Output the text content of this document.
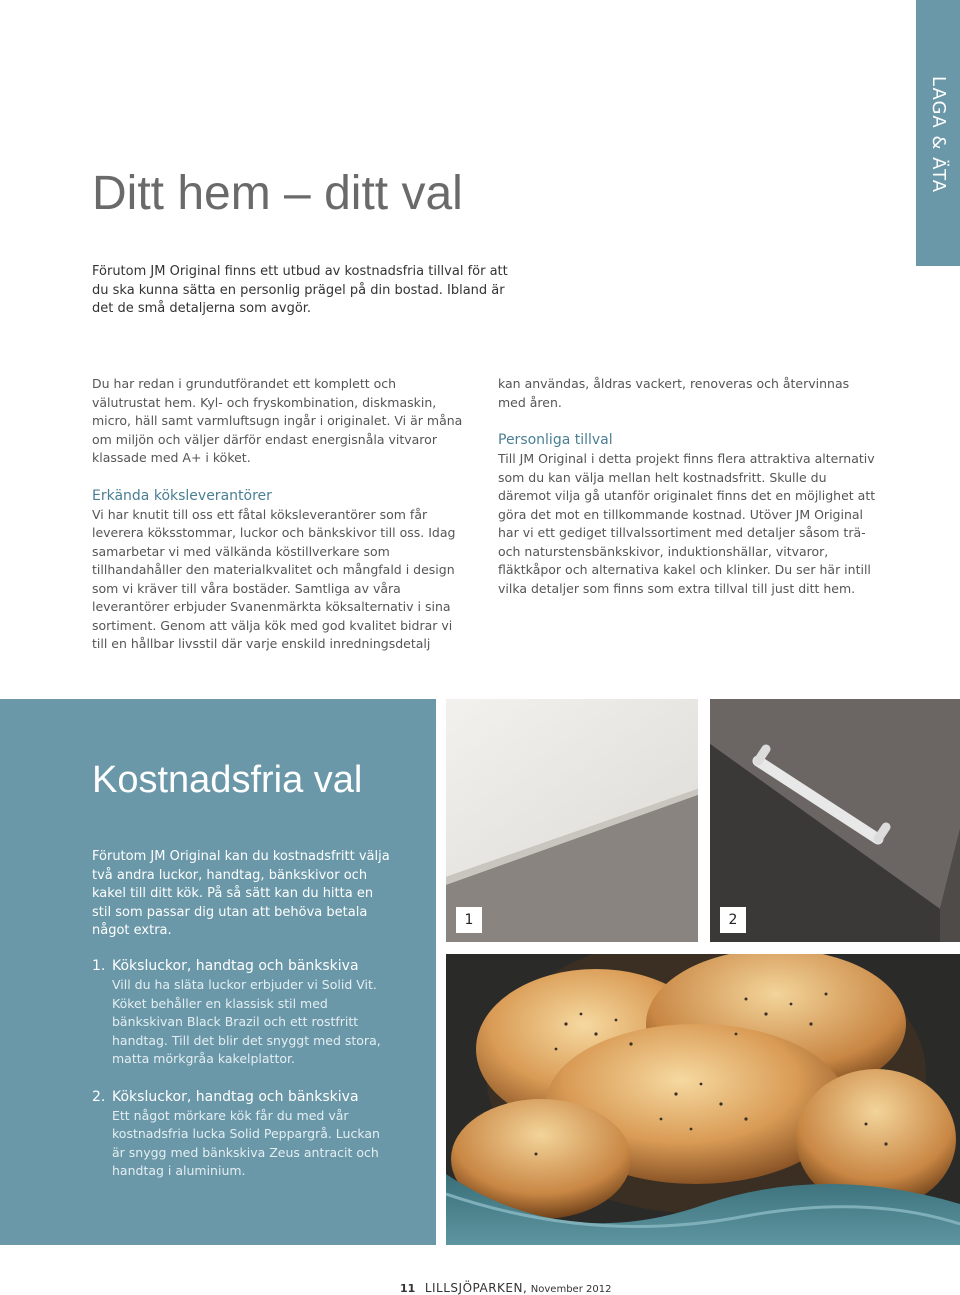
LAGA & ÄTA
Ditt hem – ditt val
Förutom JM Original finns ett utbud av kostnadsfria tillval för att du ska kunna sätta en personlig prägel på din bostad. Ibland är det de små detaljerna som avgör.

Du har redan i grundutförandet ett komplett och välutrustat hem. Kyl- och fryskombination, diskmaskin, micro, häll samt varmluftsugn ingår i originalet. Vi är måna om miljön och väljer därför endast energisnåla vitvaror klassade med A+ i köket.

Erkända köksleverantörer

Vi har knutit till oss ett fåtal köksleverantörer som får leverera köksstommar, luckor och bänkskivor till oss. Idag samarbetar vi med välkända köstillverkare som tillhandahåller den materialkvalitet och mångfald i design som vi kräver till våra bostäder. Samtliga av våra leverantörer erbjuder Svanenmärkta köksalternativ i sina sortiment. Genom att välja kök med god kvalitet bidrar vi till en hållbar livsstil där varje enskild inredningsdetalj

kan användas, åldras vackert, renoveras och återvinnas med åren.

Personliga tillval

Till JM Original i detta projekt finns flera attraktiva alternativ som du kan välja mellan helt kostnadsfritt. Skulle du däremot vilja gå utanför originalet finns det en möjlighet att göra det mot en tillkommande kostnad. Utöver JM Original har vi ett gediget tillvalssortiment med detaljer såsom trä- och naturstensbänkskivor, induktionshällar, vitvaror, fläktkåpor och alternativa kakel och klinker. Du ser här intill vilka detaljer som finns som extra tillval till just ditt hem.

Kostnadsfria val
Förutom JM Original kan du kostnadsfritt välja två andra luckor, handtag, bänkskivor och kakel till ditt kök. På så sätt kan du hitta en stil som passar dig utan att behöva betala något extra.
1. Köksluckor, handtag och bänkskiva
Vill du ha släta luckor erbjuder vi Solid Vit. Köket behåller en klassisk stil med bänkskivan Black Brazil och ett rostfritt handtag. Till det blir det snyggt med stora, matta mörkgråa kakelplattor.
2. Köksluckor, handtag och bänkskiva
Ett något mörkare kök får du med vår kostnadsfria lucka Solid Peppargrå. Luckan är snygg med bänkskiva Zeus antracit och handtag i aluminium.
1	2
11 LILLSJÖPARKEN, November 2012
